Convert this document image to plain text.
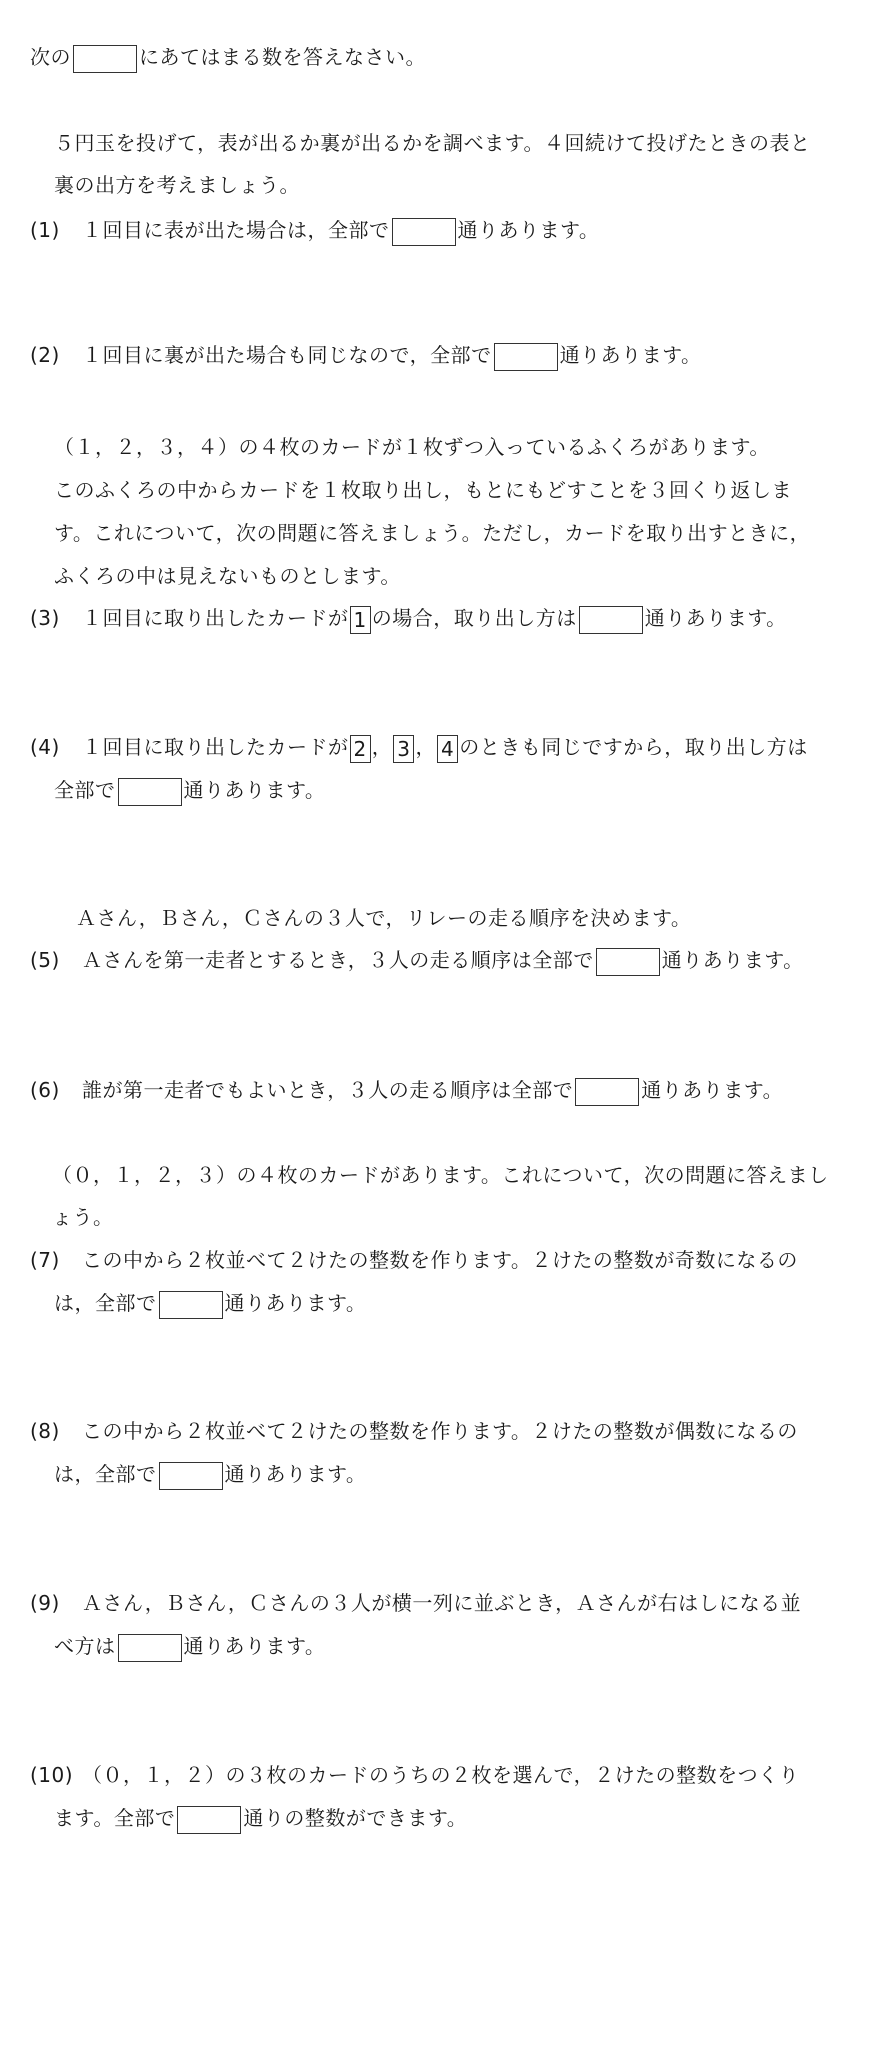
次の	にあてはまる数を答えなさい。
５円玉を投げて，表が出るか裏が出るかを調べます。４回続けて投げたときの表と
裏の出方を考えましょう。
(1) １回目に表が出た場合は，全部で	通りあります。
(2) １回目に裏が出た場合も同じなので，全部で	通りあります。
（１，２，３，４）の４枚のカードが１枚ずつ入っているふくろがあります。
このふくろの中からカードを１枚取り出し，もとにもどすことを３回くり返しま
す。これについて，次の問題に答えましょう。ただし，カードを取り出すときに，
ふくろの中は見えないものとします。
(3) １回目に取り出したカードが 1 の場合，取り出し方は	通りあります。
(4) １回目に取り出したカードが 2 ， 3 ， 4 のときも同じですから，取り出し方は
全部で	通りあります。
Ａさん，Ｂさん，Ｃさんの３人で，リレーの走る順序を決めます。
(5) Ａさんを第一走者とするとき，３人の走る順序は全部で	通りあります。
(6) 誰が第一走者でもよいとき，３人の走る順序は全部で	通りあります。
（０，１，２，３）の４枚のカードがあります。これについて，次の問題に答えまし
ょう。
(7) この中から２枚並べて２けたの整数を作ります。２けたの整数が奇数になるの
は，全部で	通りあります。
(8) この中から２枚並べて２けたの整数を作ります。２けたの整数が偶数になるの
は，全部で	通りあります。
(9) Ａさん，Ｂさん，Ｃさんの３人が横一列に並ぶとき，Ａさんが右はしになる並
べ方は	通りあります。
(10) （０，１，２）の３枚のカードのうちの２枚を選んで，２けたの整数をつくり
ます。全部で	通りの整数ができます。
